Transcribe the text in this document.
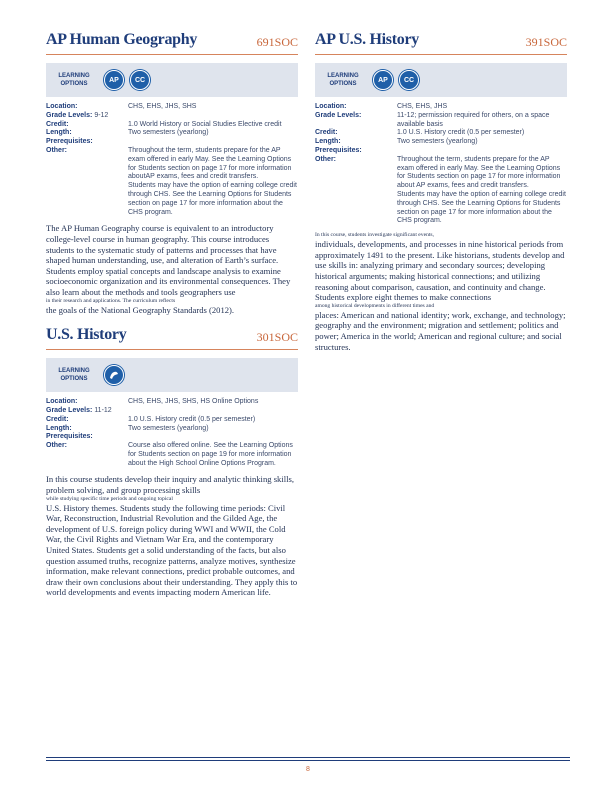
AP Human Geography	691SOC
LEARNING OPTIONS
AP	CC
Location:	CHS, EHS, JHS, SHS
Grade Levels: 9-12
Credit:	1.0 World History or Social Studies Elective credit
Length:	Two semesters (yearlong)
Prerequisites:
Other:	Throughout the term, students prepare for the AP exam offered in early May. See the Learning Options for Students section on page 17 for more information aboutAP exams, fees and credit transfers.

Students may have the option of earning college credit through CHS. See the Learning Options for Students section on page 17 for more information about the CHS program.

The AP Human Geography course is equivalent to an introductory college-level course in human geography. This course introduces students to the systematic study of patterns and processes that have shaped human understanding, use, and alteration of Earth’s surface. Students employ spatial concepts and landscape analysis to examine socioeconomic organization and its environmental consequences. They also learn about the methods and tools geographers use

in their research and applications. The curriculum reflects

the goals of the National Geography Standards (2012).

U.S. History	301SOC
LEARNING OPTIONS
Location:	CHS, EHS, JHS, SHS, HS Online Options
Grade Levels: 11-12
Credit:	1.0 U.S. History credit (0.5 per semester)
Length:	Two semesters (yearlong)
Prerequisites:
Other:	Course also offered online. See the Learning Options for Students section on page 19 for more information about the High School Online Options Program.

In this course students develop their inquiry and analytic thinking skills, problem solving, and group processing skills

while studying specific time periods and ongoing topical

U.S. History themes. Students study the following time periods: Civil War, Reconstruction, Industrial Revolution and the Gilded Age, the development of U.S. foreign policy during WWI and WWII, the Cold War, the Civil Rights and Vietnam War Era, and the contemporary United States. Students get a solid understanding of the facts, but also question assumed truths, recognize patterns, analyze motives, synthesize information, make relevant connections, predict probable outcomes, and draw their own conclusions about their understanding. They apply this to world developments and events impacting modern American life.

AP U.S. History	391SOC
LEARNING OPTIONS
AP	CC
Location:	CHS, EHS, JHS
Grade Levels:	11-12; permission required for others, on a space available basis
Credit:	1.0 U.S. History credit (0.5 per semester)
Length:	Two semesters (yearlong)
Prerequisites:
Other:	Throughout the term, students prepare for the AP exam offered in early May. See the Learning Options for Students section on page 17 for more information about AP exams, fees and credit transfers.

Students may have the option of earning college credit through CHS. See the Learning Options for Students section on page 17 for more information about the CHS program.

In this course, students investigate significant events,

individuals, developments, and processes in nine historical periods from approximately 1491 to the present. Like historians, students develop and use skills in: analyzing primary and secondary sources; developing historical arguments; making historical connections; and utilizing reasoning about comparison, causation, and continuity and change. Students explore eight themes to make connections

among historical developments in different times and

places: American and national identity; work, exchange, and technology; geography and the environment; migration and settlement; politics and power; America in the world; American and regional culture; and social structures.

8
